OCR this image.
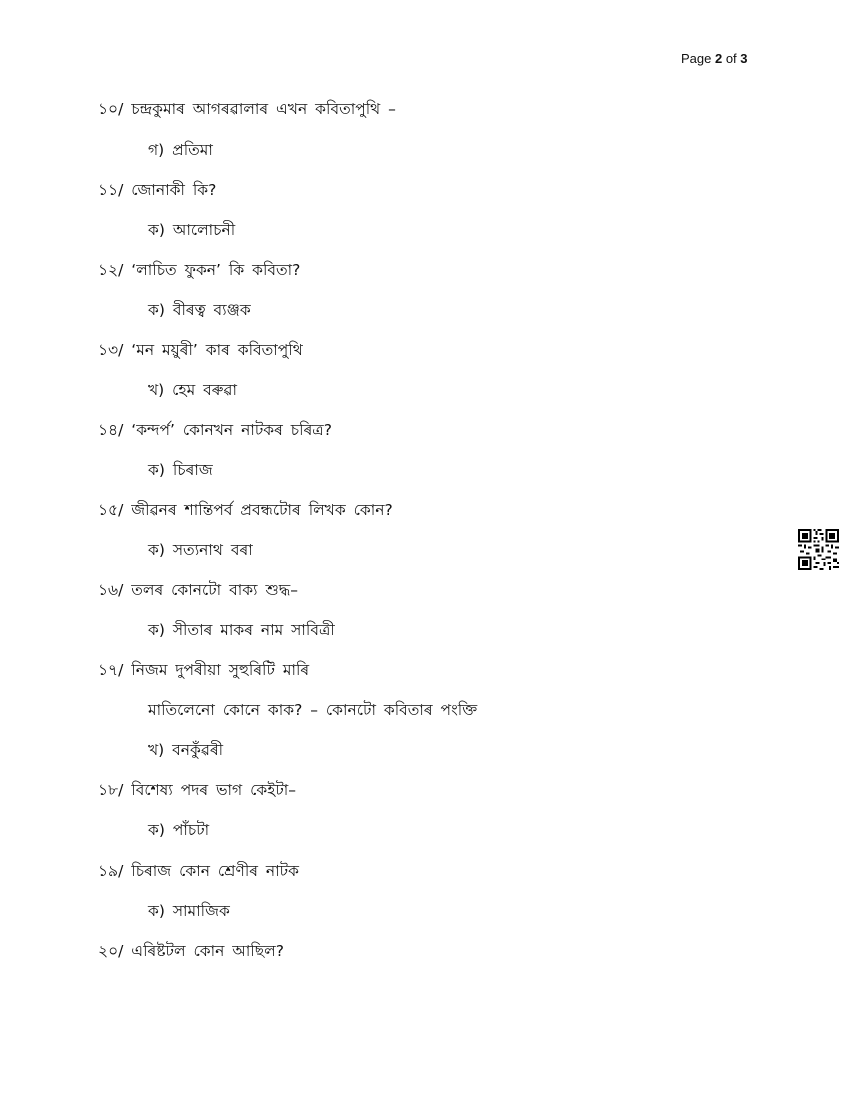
Page 2 of 3
১০/ চন্দ্ৰকুমাৰ আগৰৱালাৰ এখন কবিতাপুথি –
গ) প্ৰতিমা
১১/ জোনাকী কি?
ক) আলোচনী
১২/ ‘লাচিত ফুকন’ কি কবিতা?
ক) বীৰত্ব ব্যঞ্জক
১৩/ ‘মন ময়ুৰী’ কাৰ কবিতাপুথি
খ) হেম বৰুৱা
১৪/ ‘কন্দৰ্প’ কোনখন নাটকৰ চৰিত্ৰ?
ক) চিৰাজ
১৫/ জীৱনৰ শান্তিপৰ্ব প্ৰবন্ধটোৰ লিখক কোন?
ক) সত্যনাথ বৰা
১৬/ তলৰ কোনটো বাক্য শুদ্ধ–
ক) সীতাৰ মাকৰ নাম সাবিত্ৰী
১৭/ নিজম দুপৰীয়া সুহুৰিটি মাৰি
মাতিলেনো কোনে কাক? – কোনটো কবিতাৰ পংক্তি
খ) বনকুঁৱৰী
১৮/ বিশেষ্য পদৰ ভাগ কেইটা–
ক) পাঁচটা
১৯/ চিৰাজ কোন শ্ৰেণীৰ নাটক
ক) সামাজিক
২০/ এৰিষ্টটল কোন আছিল?
